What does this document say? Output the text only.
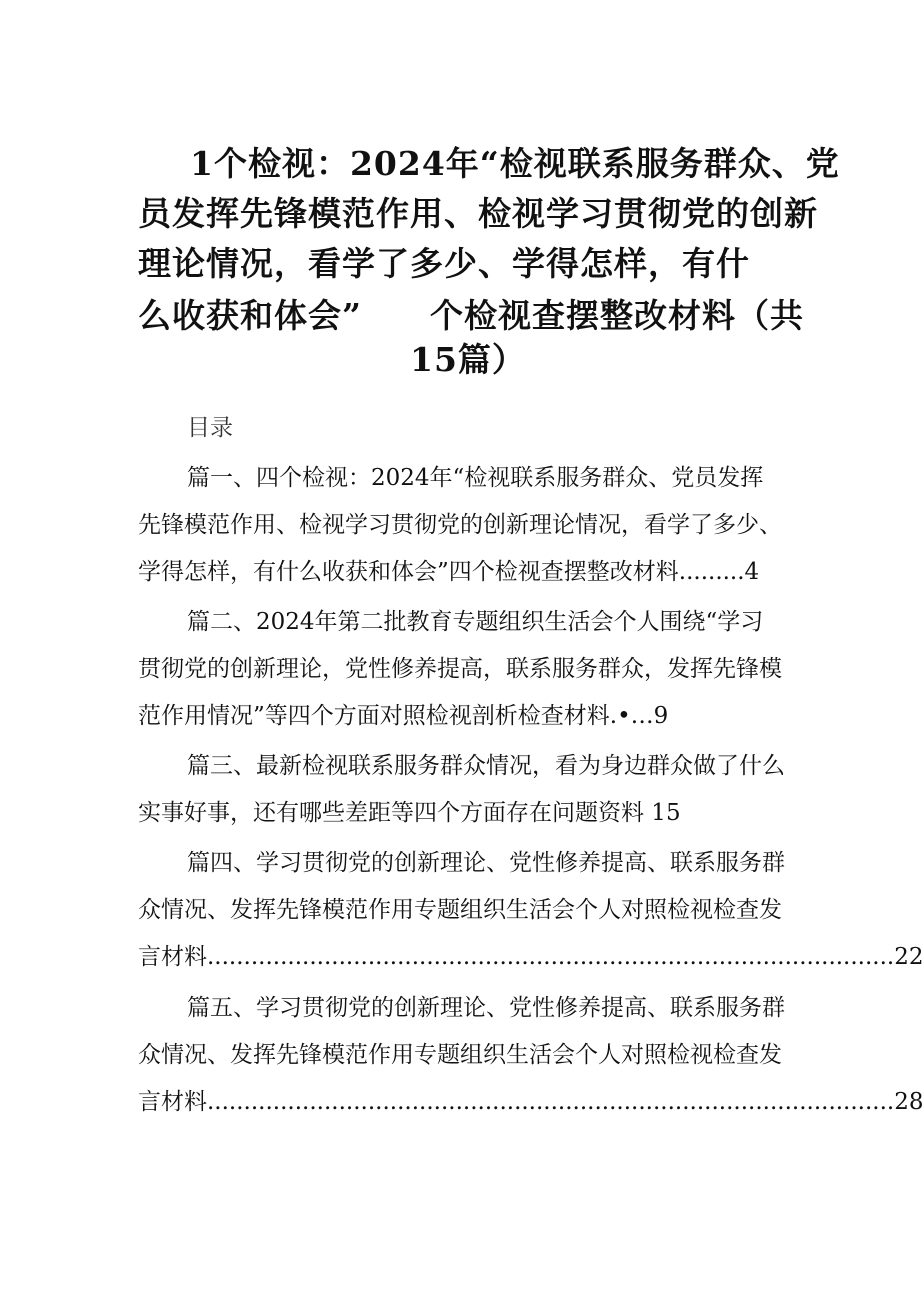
1个检视：2024年“检视联系服务群众、党
员发挥先锋模范作用、检视学习贯彻党的创新
理论情况，看学了多少、学得怎样，有什
么收获和体会”　　个检视查摆整改材料（共
15篇）
目录
篇一、四个检视：2024年“检视联系服务群众、党员发挥
先锋模范作用、检视学习贯彻党的创新理论情况，看学了多少、
学得怎样，有什么收获和体会”四个检视查摆整改材料.........4
篇二、2024年第二批教育专题组织生活会个人围绕“学习
贯彻党的创新理论，党性修养提高，联系服务群众，发挥先锋模
范作用情况”等四个方面对照检视剖析检查材料.•…9
篇三、最新检视联系服务群众情况，看为身边群众做了什么
实事好事，还有哪些差距等四个方面存在问题资料 15
篇四、学习贯彻党的创新理论、党性修养提高、联系服务群
众情况、发挥先锋模范作用专题组织生活会个人对照检视检查发
言材料..............................................................................................22
篇五、学习贯彻党的创新理论、党性修养提高、联系服务群
众情况、发挥先锋模范作用专题组织生活会个人对照检视检查发
言材料..............................................................................................28
